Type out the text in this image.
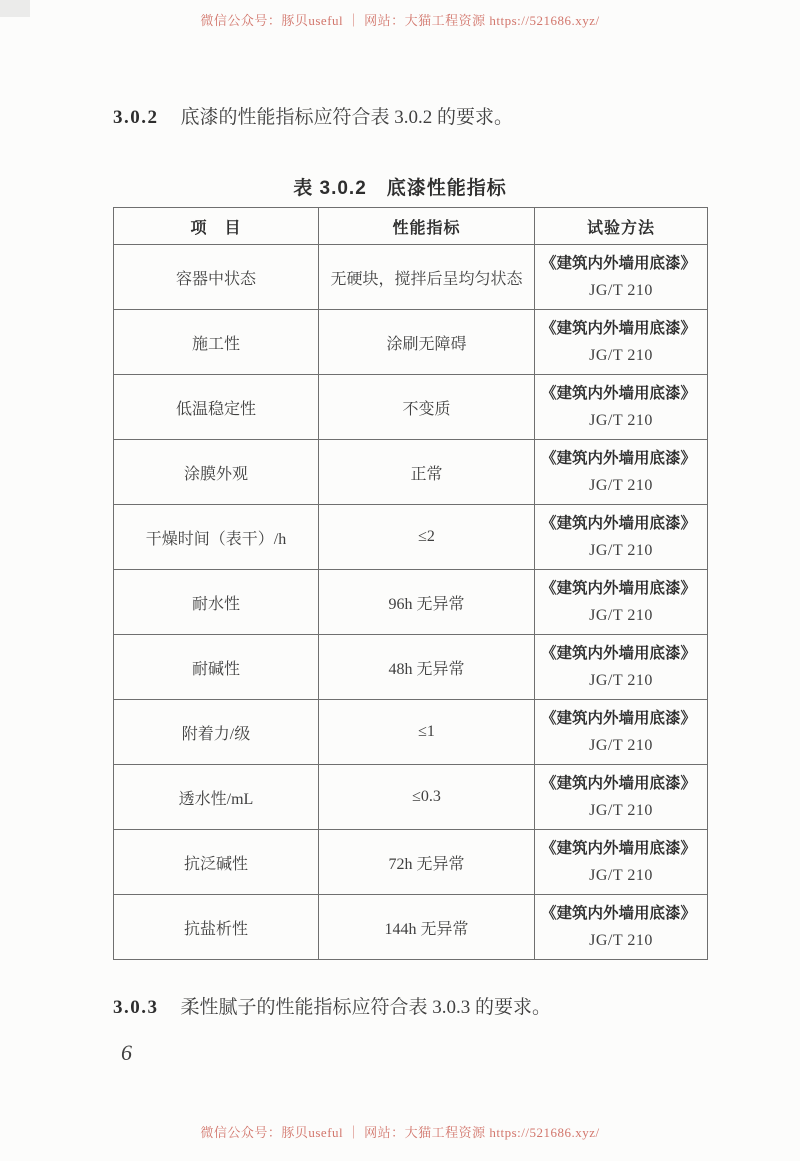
微信公众号：豚贝useful ｜ 网站：大猫工程资源 https://521686.xyz/
3.0.2 底漆的性能指标应符合表 3.0.2 的要求。
表 3.0.2　底漆性能指标
项　目	性能指标	试验方法
容器中状态	无硬块，搅拌后呈均匀状态	《建筑内外墙用底漆》
JG/T 210

施工性	涂刷无障碍	《建筑内外墙用底漆》
JG/T 210

低温稳定性	不变质	《建筑内外墙用底漆》
JG/T 210

涂膜外观	正常	《建筑内外墙用底漆》
JG/T 210

干燥时间（表干）/h	≤2	《建筑内外墙用底漆》
JG/T 210

耐水性	96h 无异常	《建筑内外墙用底漆》
JG/T 210

耐碱性	48h 无异常	《建筑内外墙用底漆》
JG/T 210

附着力/级	≤1	《建筑内外墙用底漆》
JG/T 210

透水性/mL	≤0.3	《建筑内外墙用底漆》
JG/T 210

抗泛碱性	72h 无异常	《建筑内外墙用底漆》
JG/T 210

抗盐析性	144h 无异常	《建筑内外墙用底漆》
JG/T 210
3.0.3 柔性腻子的性能指标应符合表 3.0.3 的要求。
6
微信公众号：豚贝useful ｜ 网站：大猫工程资源 https://521686.xyz/
